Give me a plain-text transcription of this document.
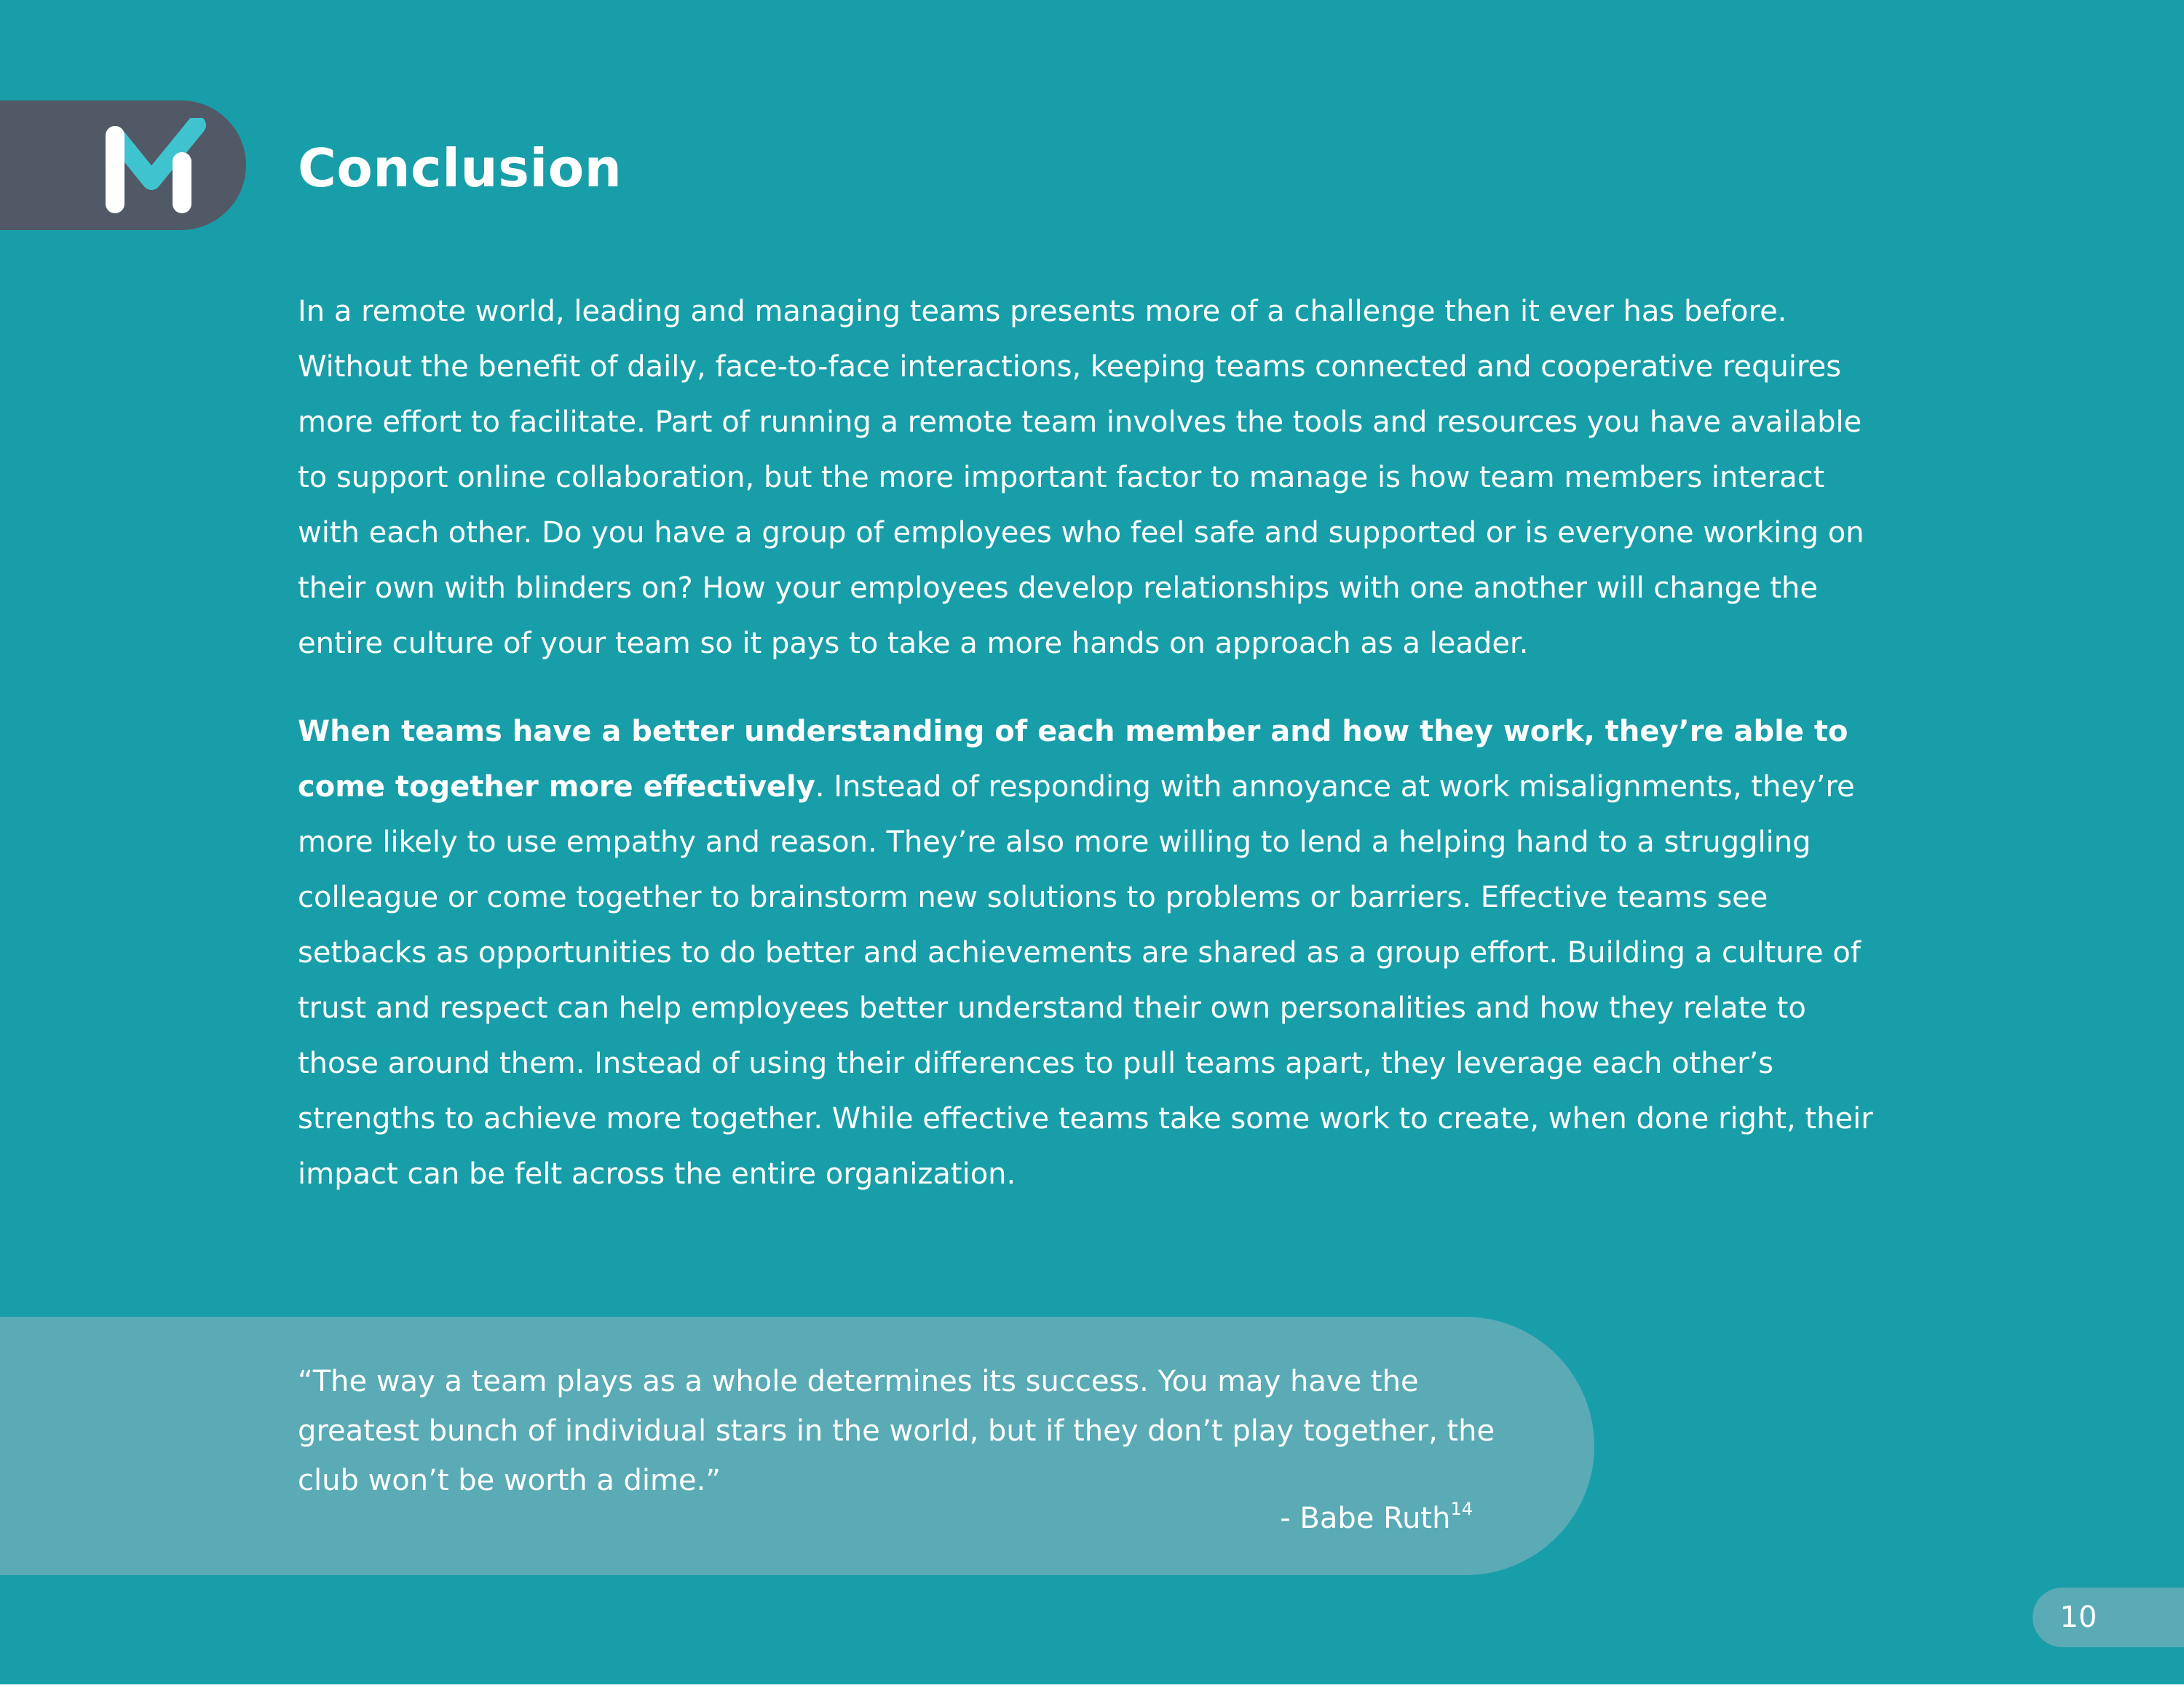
Conclusion

In a remote world, leading and managing teams presents more of a challenge then it ever has before. Without the benefit of daily, face-to-face interactions, keeping teams connected and cooperative requires more effort to facilitate. Part of running a remote team involves the tools and resources you have available to support online collaboration, but the more important factor to manage is how team members interact with each other. Do you have a group of employees who feel safe and supported or is everyone working on their own with blinders on? How your employees develop relationships with one another will change the entire culture of your team so it pays to take a more hands on approach as a leader.

When teams have a better understanding of each member and how they work, they’re able to come together more effectively. Instead of responding with annoyance at work misalignments, they’re more likely to use empathy and reason. They’re also more willing to lend a helping hand to a struggling colleague or come together to brainstorm new solutions to problems or barriers. Effective teams see setbacks as opportunities to do better and achievements are shared as a group effort. Building a culture of trust and respect can help employees better understand their own personalities and how they relate to those around them. Instead of using their differences to pull teams apart, they leverage each other’s strengths to achieve more together. While effective teams take some work to create, when done right, their impact can be felt across the entire organization.

“The way a team plays as a whole determines its success. You may have the greatest bunch of individual stars in the world, but if they don’t play together, the club won’t be worth a dime.”

- Babe Ruth$^{14}$
10
